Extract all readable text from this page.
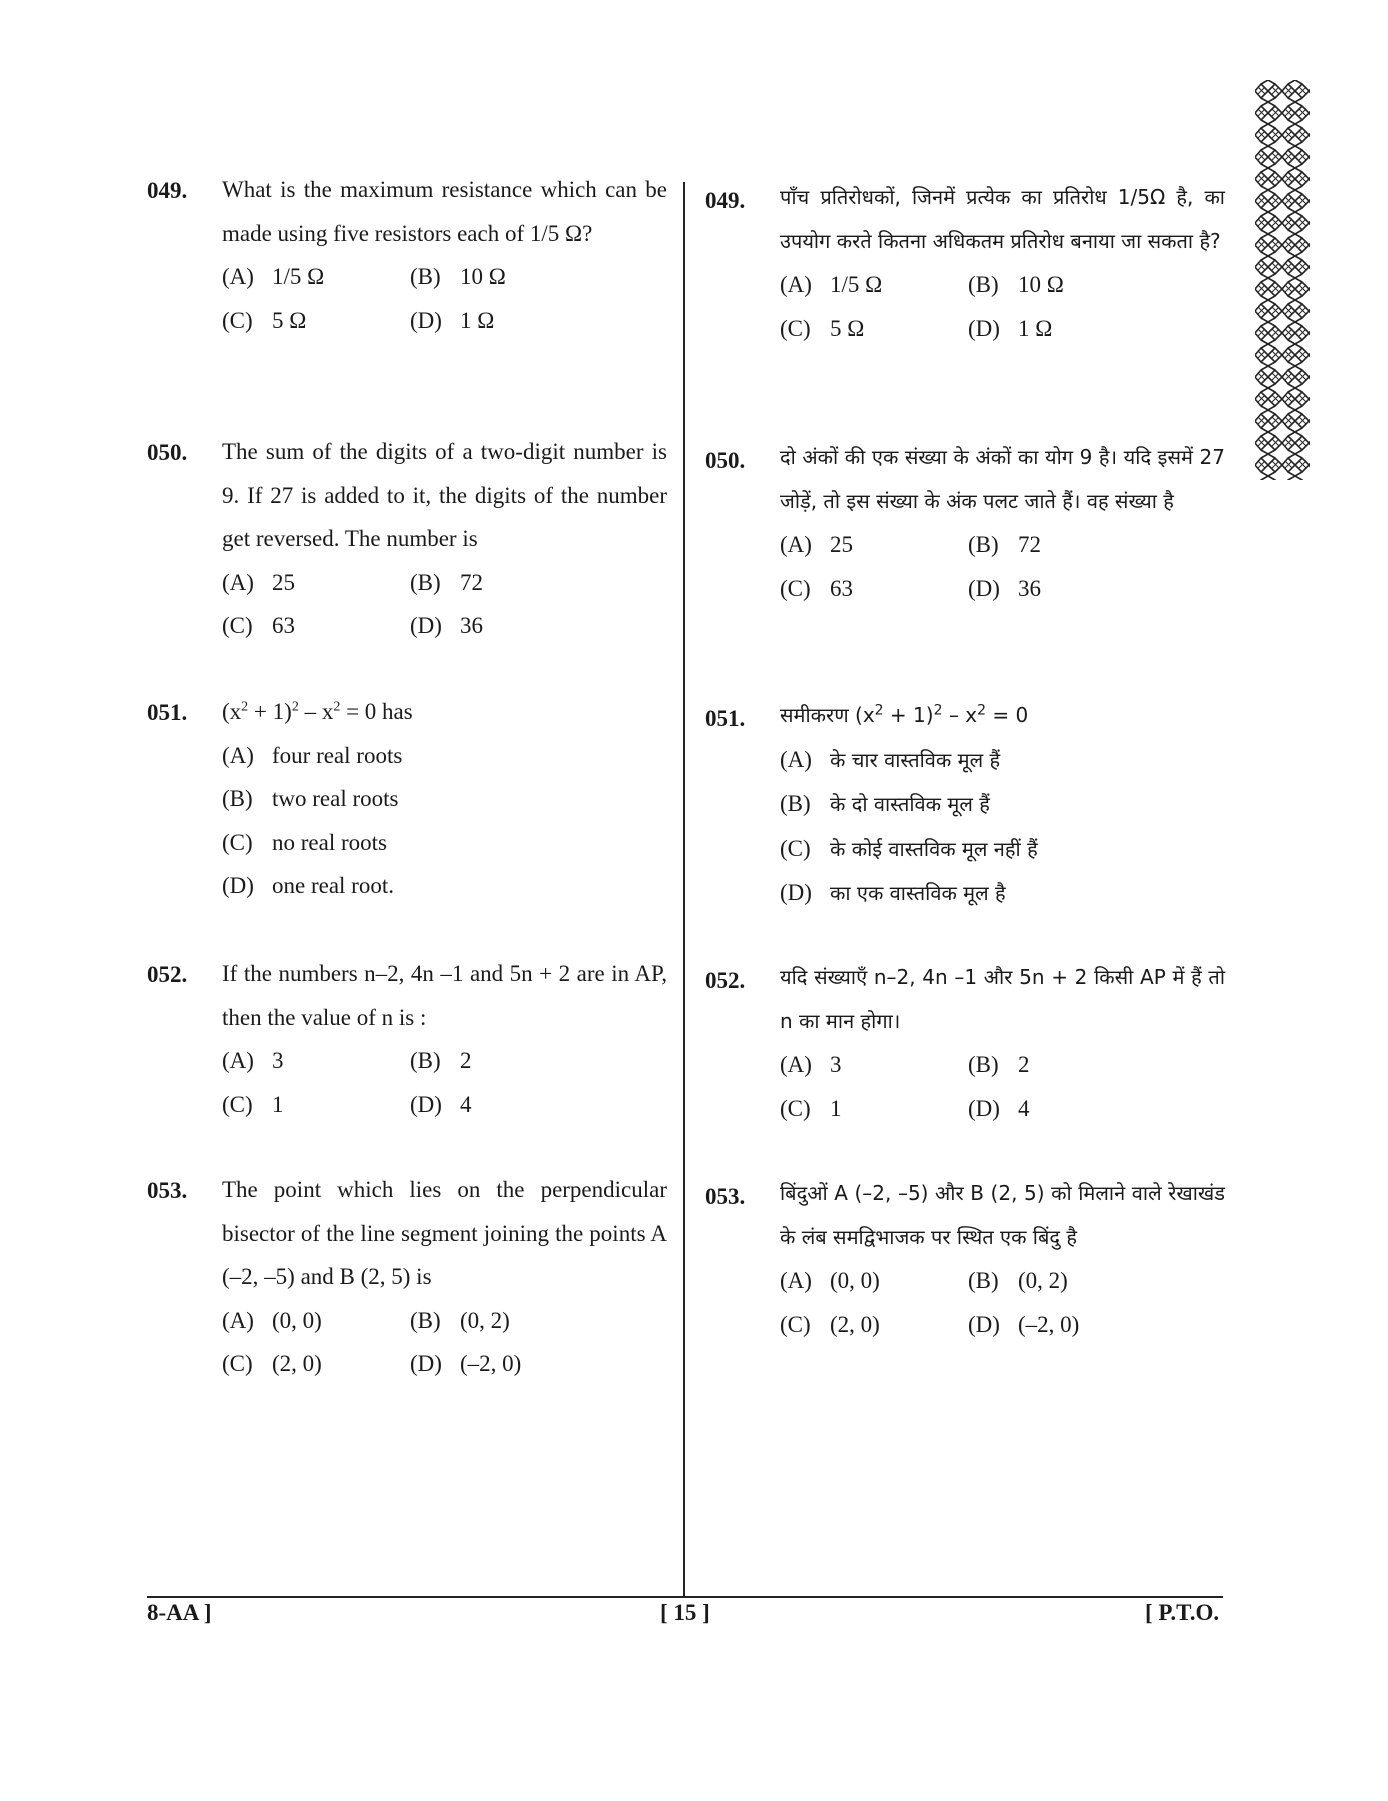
049. What is the maximum resistance which can be made using five resistors each of 1/5 Ω?
(A) 1/5 Ω	(B) 10 Ω
(C) 5 Ω	(D) 1 Ω
050. The sum of the digits of a two-digit number is 9. If 27 is added to it, the digits of the number get reversed. The number is
(A) 25	(B) 72
(C) 63	(D) 36
051. $(x^2 + 1)^2 - x^2 = 0$ has
(A) four real roots
(B) two real roots
(C) no real roots
(D) one real root.
052. If the numbers n–2, 4n –1 and 5n + 2 are in AP, then the value of n is :
(A) 3	(B) 2
(C) 1	(D) 4
053. The point which lies on the perpendicular bisector of the line segment joining the points A (–2, –5) and B (2, 5) is
(A) (0, 0)	(B) (0, 2)
(C) (2, 0)	(D) (–2, 0)
049. पाँच प्रतिरोधकों, जिनमें प्रत्येक का प्रतिरोध 1/5Ω है, का उपयोग करते कितना अधिकतम प्रतिरोध बनाया जा सकता है?
(A) 1/5 Ω	(B) 10 Ω
(C) 5 Ω	(D) 1 Ω
050. दो अंकों की एक संख्या के अंकों का योग 9 है। यदि इसमें 27 जोड़ें, तो इस संख्या के अंक पलट जाते हैं। वह संख्या है
(A) 25	(B) 72
(C) 63	(D) 36
051. समीकरण $(x^2 + 1)^2 - x^2 = 0$
(A) के चार वास्तविक मूल हैं
(B) के दो वास्तविक मूल हैं
(C) के कोई वास्तविक मूल नहीं हैं
(D) का एक वास्तविक मूल है
052. यदि संख्याएँ n–2, 4n –1 और 5n + 2 किसी AP में हैं तो n का मान होगा।
(A) 3	(B) 2
(C) 1	(D) 4
053. बिंदुओं A (–2, –5) और B (2, 5) को मिलाने वाले रेखाखंड के लंब समद्विभाजक पर स्थित एक बिंदु है
(A) (0, 0)	(B) (0, 2)
(C) (2, 0)	(D) (–2, 0)
8-AA ]	[ 15 ]	[ P.T.O.
